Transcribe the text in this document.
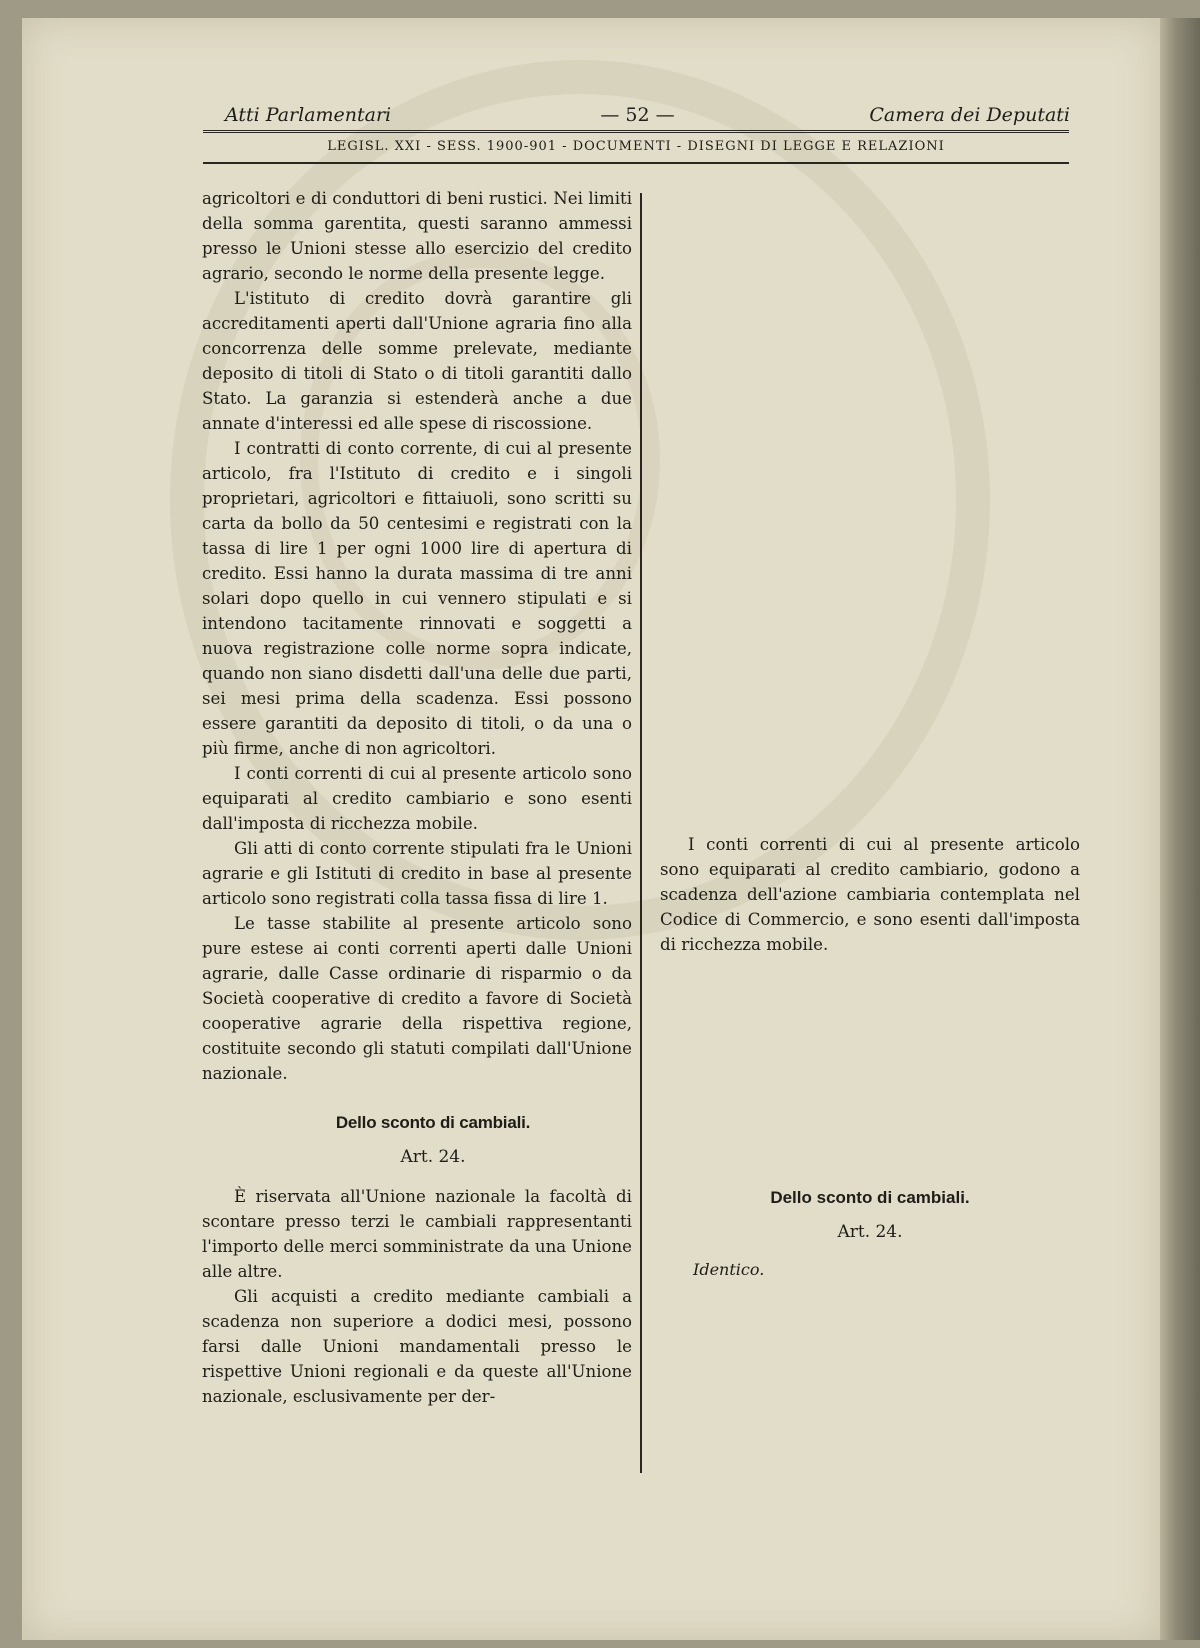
Atti Parlamentari	— 52 —	Camera dei Deputati
LEGISL. XXI - SESS. 1900-901 - DOCUMENTI - DISEGNI DI LEGGE E RELAZIONI

agricoltori e di conduttori di beni rustici. Nei limiti della somma garentita, questi saranno ammessi presso le Unioni stesse allo esercizio del credito agrario, secondo le norme della presente legge.

L'istituto di credito dovrà garantire gli accreditamenti aperti dall'Unione agraria fino alla concorrenza delle somme prelevate, mediante deposito di titoli di Stato o di titoli garantiti dallo Stato. La garanzia si estenderà anche a due annate d'interessi ed alle spese di riscossione.

I contratti di conto corrente, di cui al presente articolo, fra l'Istituto di credito e i singoli proprietari, agricoltori e fittaiuoli, sono scritti su carta da bollo da 50 centesimi e registrati con la tassa di lire 1 per ogni 1000 lire di apertura di credito. Essi hanno la durata massima di tre anni solari dopo quello in cui vennero stipulati e si intendono tacitamente rinnovati e soggetti a nuova registrazione colle norme sopra indicate, quando non siano disdetti dall'una delle due parti, sei mesi prima della scadenza. Essi possono essere garantiti da deposito di titoli, o da una o più firme, anche di non agricoltori.

I conti correnti di cui al presente articolo sono equiparati al credito cambiario e sono esenti dall'imposta di ricchezza mobile.

Gli atti di conto corrente stipulati fra le Unioni agrarie e gli Istituti di credito in base al presente articolo sono registrati colla tassa fissa di lire 1.

Le tasse stabilite al presente articolo sono pure estese ai conti correnti aperti dalle Unioni agrarie, dalle Casse ordinarie di risparmio o da Società cooperative di credito a favore di Società cooperative agrarie della rispettiva regione, costituite secondo gli statuti compilati dall'Unione nazionale.

Dello sconto di cambiali.

Art. 24.

È riservata all'Unione nazionale la facoltà di scontare presso terzi le cambiali rappresentanti l'importo delle merci somministrate da una Unione alle altre.

Gli acquisti a credito mediante cambiali a scadenza non superiore a dodici mesi, possono farsi dalle Unioni mandamentali presso le rispettive Unioni regionali e da queste all'Unione nazionale, esclusivamente per der-

I conti correnti di cui al presente articolo sono equiparati al credito cambiario, godono a scadenza dell'azione cambiaria contemplata nel Codice di Commercio, e sono esenti dall'imposta di ricchezza mobile.

Dello sconto di cambiali.
Art. 24.
Identico.
